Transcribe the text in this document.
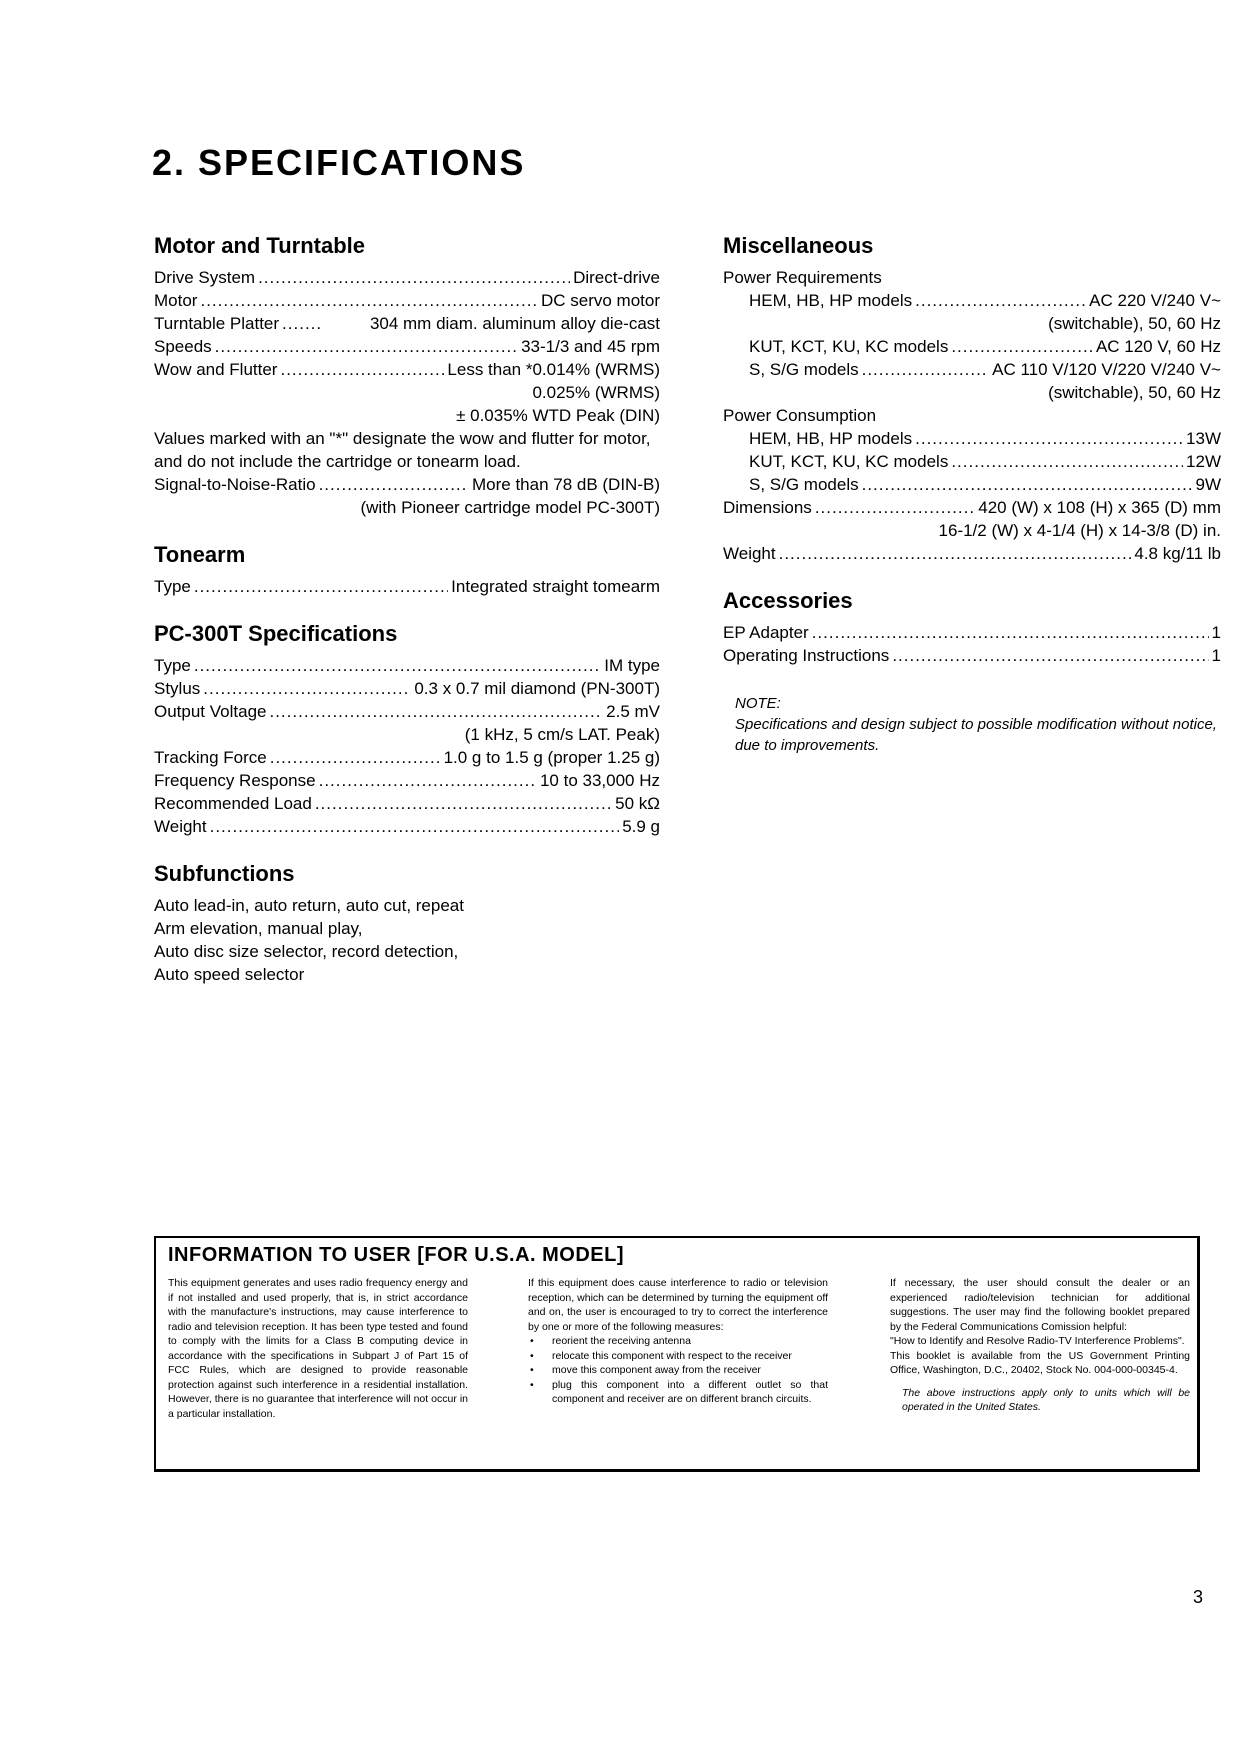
2. SPECIFICATIONS
Motor and Turntable
Drive System .....	Direct-drive
Motor .....	DC servo motor
Turntable Platter .....	304 mm diam. aluminum alloy die-cast
Speeds .....	33-1/3 and 45 rpm
Wow and Flutter .....	Less than *0.014% (WRMS)
0.025% (WRMS)
± 0.035% WTD Peak (DIN)
Values marked with an "*" designate the wow and flutter for motor, and do not include the cartridge or tonearm load.
Signal-to-Noise-Ratio .....	More than 78 dB (DIN-B)
(with Pioneer cartridge model PC-300T)
Tonearm
Type .....	Integrated straight tomearm
PC-300T Specifications
Type .....	IM type
Stylus .....	0.3 x 0.7 mil diamond (PN-300T)
Output Voltage .....	2.5 mV
(1 kHz, 5 cm/s LAT. Peak)
Tracking Force .....	1.0 g to 1.5 g (proper 1.25 g)
Frequency Response .....	10 to 33,000 Hz
Recommended Load .....	50 kΩ
Weight .....	5.9 g
Subfunctions
Auto lead-in, auto return, auto cut, repeat
Arm elevation, manual play,
Auto disc size selector, record detection,
Auto speed selector
Miscellaneous
Power Requirements
HEM, HB, HP models .....	AC 220 V/240 V~
(switchable), 50, 60 Hz
KUT, KCT, KU, KC models .....	AC 120 V, 60 Hz
S, S/G models .....	AC 110 V/120 V/220 V/240 V~
(switchable), 50, 60 Hz
Power Consumption
HEM, HB, HP models .....	13W
KUT, KCT, KU, KC models .....	12W
S, S/G models .....	9W
Dimensions .....	420 (W) x 108 (H) x 365 (D) mm
16-1/2 (W) x 4-1/4 (H) x 14-3/8 (D) in.
Weight .....	4.8 kg/11 lb
Accessories
EP Adapter .....	1
Operating Instructions .....	1
NOTE:
Specifications and design subject to possible modification without notice, due to improvements.
INFORMATION TO USER [FOR U.S.A. MODEL]
This equipment generates and uses radio frequency energy and if not installed and used properly, that is, in strict accordance with the manufacture's instructions, may cause interference to radio and television reception. It has been type tested and found to comply with the limits for a Class B computing device in accordance with the specifications in Subpart J of Part 15 of FCC Rules, which are designed to provide reasonable protection against such interference in a residential installation. However, there is no guarantee that interference will not occur in a particular installation.
If this equipment does cause interference to radio or television reception, which can be determined by turning the equipment off and on, the user is encouraged to try to correct the interference by one or more of the following measures:
• reorient the receiving antenna
• relocate this component with respect to the receiver
• move this component away from the receiver
• plug this component into a different outlet so that component and receiver are on different branch circuits.
If necessary, the user should consult the dealer or an experienced radio/television technician for additional suggestions. The user may find the following booklet prepared by the Federal Communications Comission helpful:
"How to Identify and Resolve Radio-TV Interference Problems".
This booklet is available from the US Government Printing Office, Washington, D.C., 20402, Stock No. 004-000-00345-4.
The above instructions apply only to units which will be operated in the United States.
3
